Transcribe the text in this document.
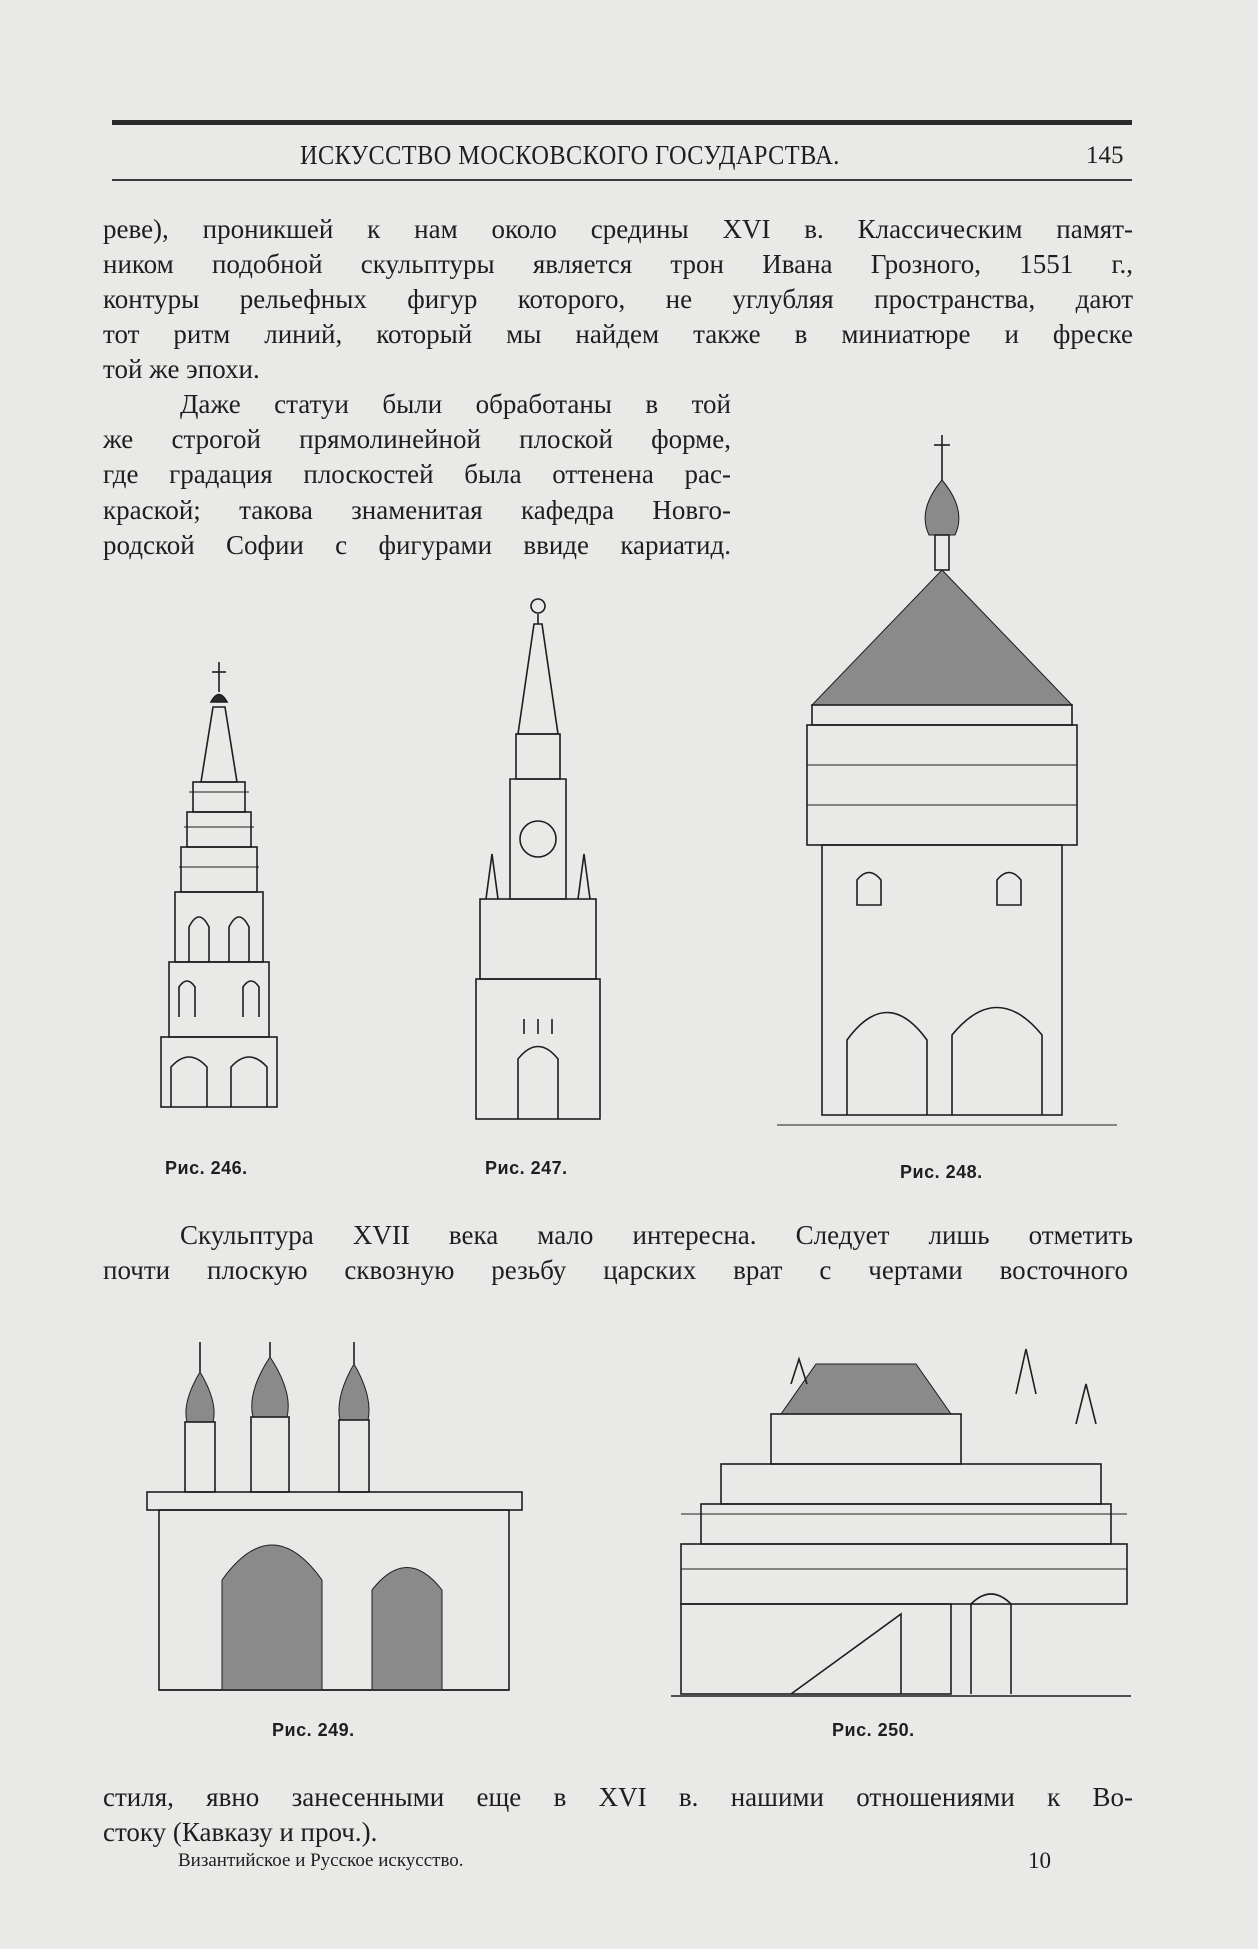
ИСКУССТВО МОСКОВСКОГО ГОСУДАРСТВА.	145
реве), проникшей к нам около средины XVI в. Классическим памят-
ником подобной скульптуры является трон Ивана Грозного, 1551 г.,
контуры рельефных фигур которого, не углубляя пространства, дают
тот ритм линий, который мы найдем также в миниатюре и фреске
той же эпохи.
Даже статуи были обработаны в той
же строгой прямолинейной плоской форме,
где градация плоскостей была оттенена рас-
краской; такова знаменитая кафедра Новго-
родской Софии с фигурами ввиде кариатид.
Рис. 246.	Рис. 247.	Рис. 248.
Скульптура XVII века мало интересна. Следует лишь отметить
почти плоскую сквозную резьбу царских врат с чертами восточного
Рис. 249.	Рис. 250.
стиля, явно занесенными еще в XVI в. нашими отношениями к Во-
стоку (Кавказу и проч.).
Византийское и Русское искусство.	10
